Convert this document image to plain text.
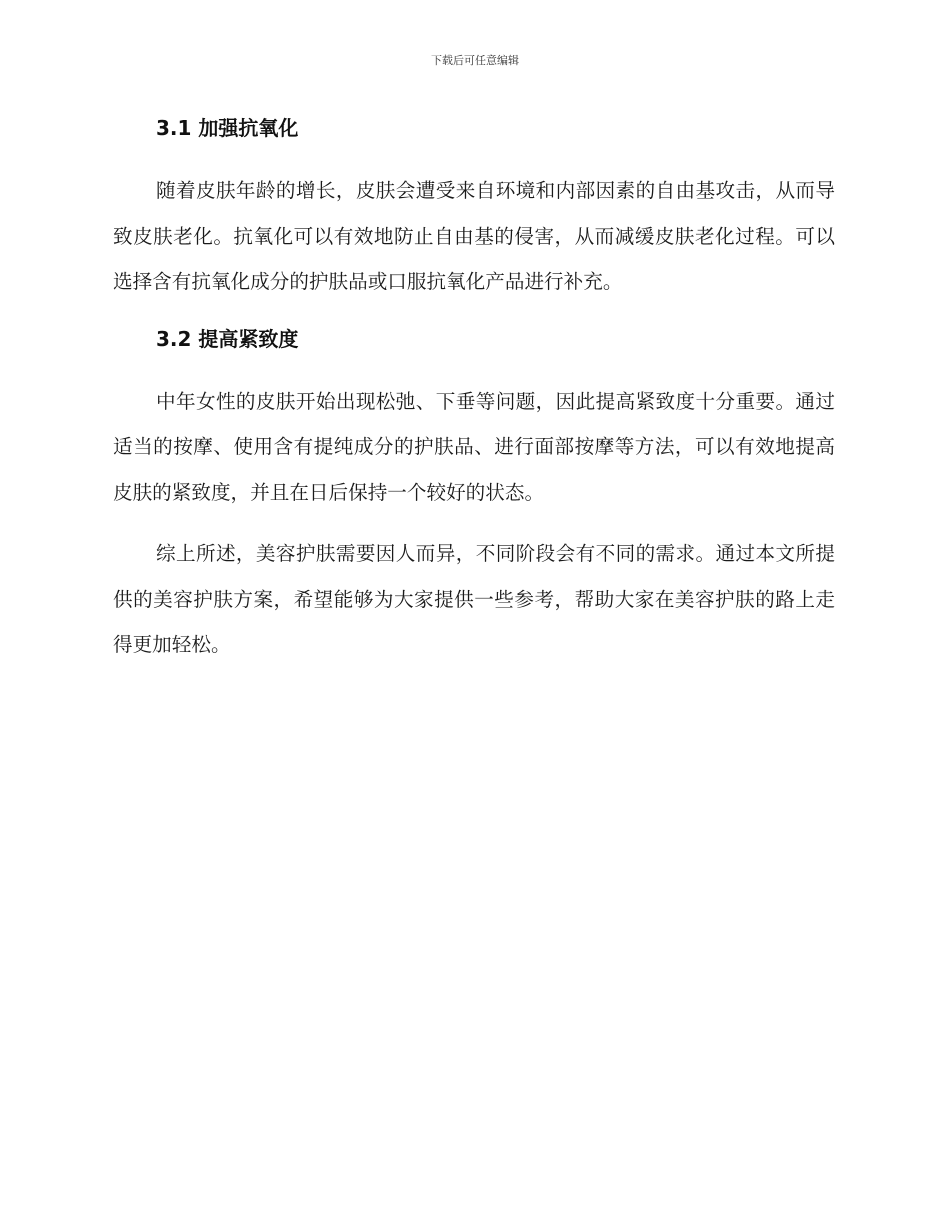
下载后可任意编辑
3.1 加强抗氧化

随着皮肤年龄的增长，皮肤会遭受来自环境和内部因素的自由基攻击，从而导致皮肤老化。抗氧化可以有效地防止自由基的侵害，从而减缓皮肤老化过程。可以选择含有抗氧化成分的护肤品或口服抗氧化产品进行补充。

3.2 提高紧致度

中年女性的皮肤开始出现松弛、下垂等问题，因此提高紧致度十分重要。通过适当的按摩、使用含有提纯成分的护肤品、进行面部按摩等方法，可以有效地提高皮肤的紧致度，并且在日后保持一个较好的状态。

综上所述，美容护肤需要因人而异，不同阶段会有不同的需求。通过本文所提供的美容护肤方案，希望能够为大家提供一些参考，帮助大家在美容护肤的路上走得更加轻松。
